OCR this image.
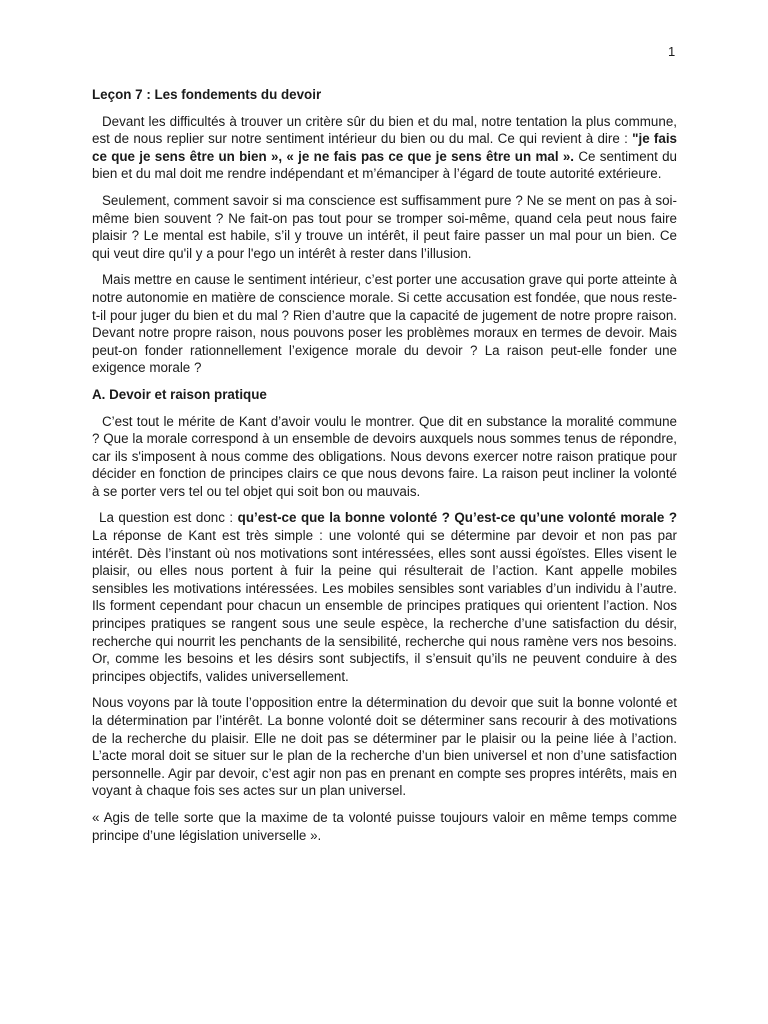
1

Leçon 7 : Les fondements du devoir

Devant les difficultés à trouver un critère sûr du bien et du mal, notre tentation la plus commune, est de nous replier sur notre sentiment intérieur du bien ou du mal. Ce qui revient à dire : "je fais ce que je sens être un bien », « je ne fais pas ce que je sens être un mal ». Ce sentiment du bien et du mal doit me rendre indépendant et m’émanciper à l’égard de toute autorité extérieure.

Seulement, comment savoir si ma conscience est suffisamment pure ? Ne se ment on pas à soi-même bien souvent ? Ne fait-on pas tout pour se tromper soi-même, quand cela peut nous faire plaisir ? Le mental est habile, s’il y trouve un intérêt, il peut faire passer un mal pour un bien. Ce qui veut dire qu'il y a pour l'ego un intérêt à rester dans l’illusion.

Mais mettre en cause le sentiment intérieur, c’est porter une accusation grave qui porte atteinte à notre autonomie en matière de conscience morale. Si cette accusation est fondée, que nous reste-t-il pour juger du bien et du mal ? Rien d’autre que la capacité de jugement de notre propre raison. Devant notre propre raison, nous pouvons poser les problèmes moraux en termes de devoir. Mais peut-on fonder rationnellement l’exigence morale du devoir ? La raison peut-elle fonder une exigence morale ?

A. Devoir et raison pratique

C’est tout le mérite de Kant d’avoir voulu le montrer. Que dit en substance la moralité commune ? Que la morale correspond à un ensemble de devoirs auxquels nous sommes tenus de répondre, car ils s'imposent à nous comme des obligations. Nous devons exercer notre raison pratique pour décider en fonction de principes clairs ce que nous devons faire. La raison peut incliner la volonté à se porter vers tel ou tel objet qui soit bon ou mauvais.

La question est donc : qu’est-ce que la bonne volonté ? Qu’est-ce qu’une volonté morale ? La réponse de Kant est très simple : une volonté qui se détermine par devoir et non pas par intérêt. Dès l’instant où nos motivations sont intéressées, elles sont aussi égoïstes. Elles visent le plaisir, ou elles nous portent à fuir la peine qui résulterait de l’action. Kant appelle mobiles sensibles les motivations intéressées. Les mobiles sensibles sont variables d’un individu à l’autre. Ils forment cependant pour chacun un ensemble de principes pratiques qui orientent l’action. Nos principes pratiques se rangent sous une seule espèce, la recherche d’une satisfaction du désir, recherche qui nourrit les penchants de la sensibilité, recherche qui nous ramène vers nos besoins. Or, comme les besoins et les désirs sont subjectifs, il s’ensuit qu’ils ne peuvent conduire à des principes objectifs, valides universellement.

Nous voyons par là toute l’opposition entre la détermination du devoir que suit la bonne volonté et la détermination par l’intérêt. La bonne volonté doit se déterminer sans recourir à des motivations de la recherche du plaisir. Elle ne doit pas se déterminer par le plaisir ou la peine liée à l’action. L’acte moral doit se situer sur le plan de la recherche d’un bien universel et non d’une satisfaction personnelle. Agir par devoir, c’est agir non pas en prenant en compte ses propres intérêts, mais en voyant à chaque fois ses actes sur un plan universel.

« Agis de telle sorte que la maxime de ta volonté puisse toujours valoir en même temps comme principe d’une législation universelle ».
